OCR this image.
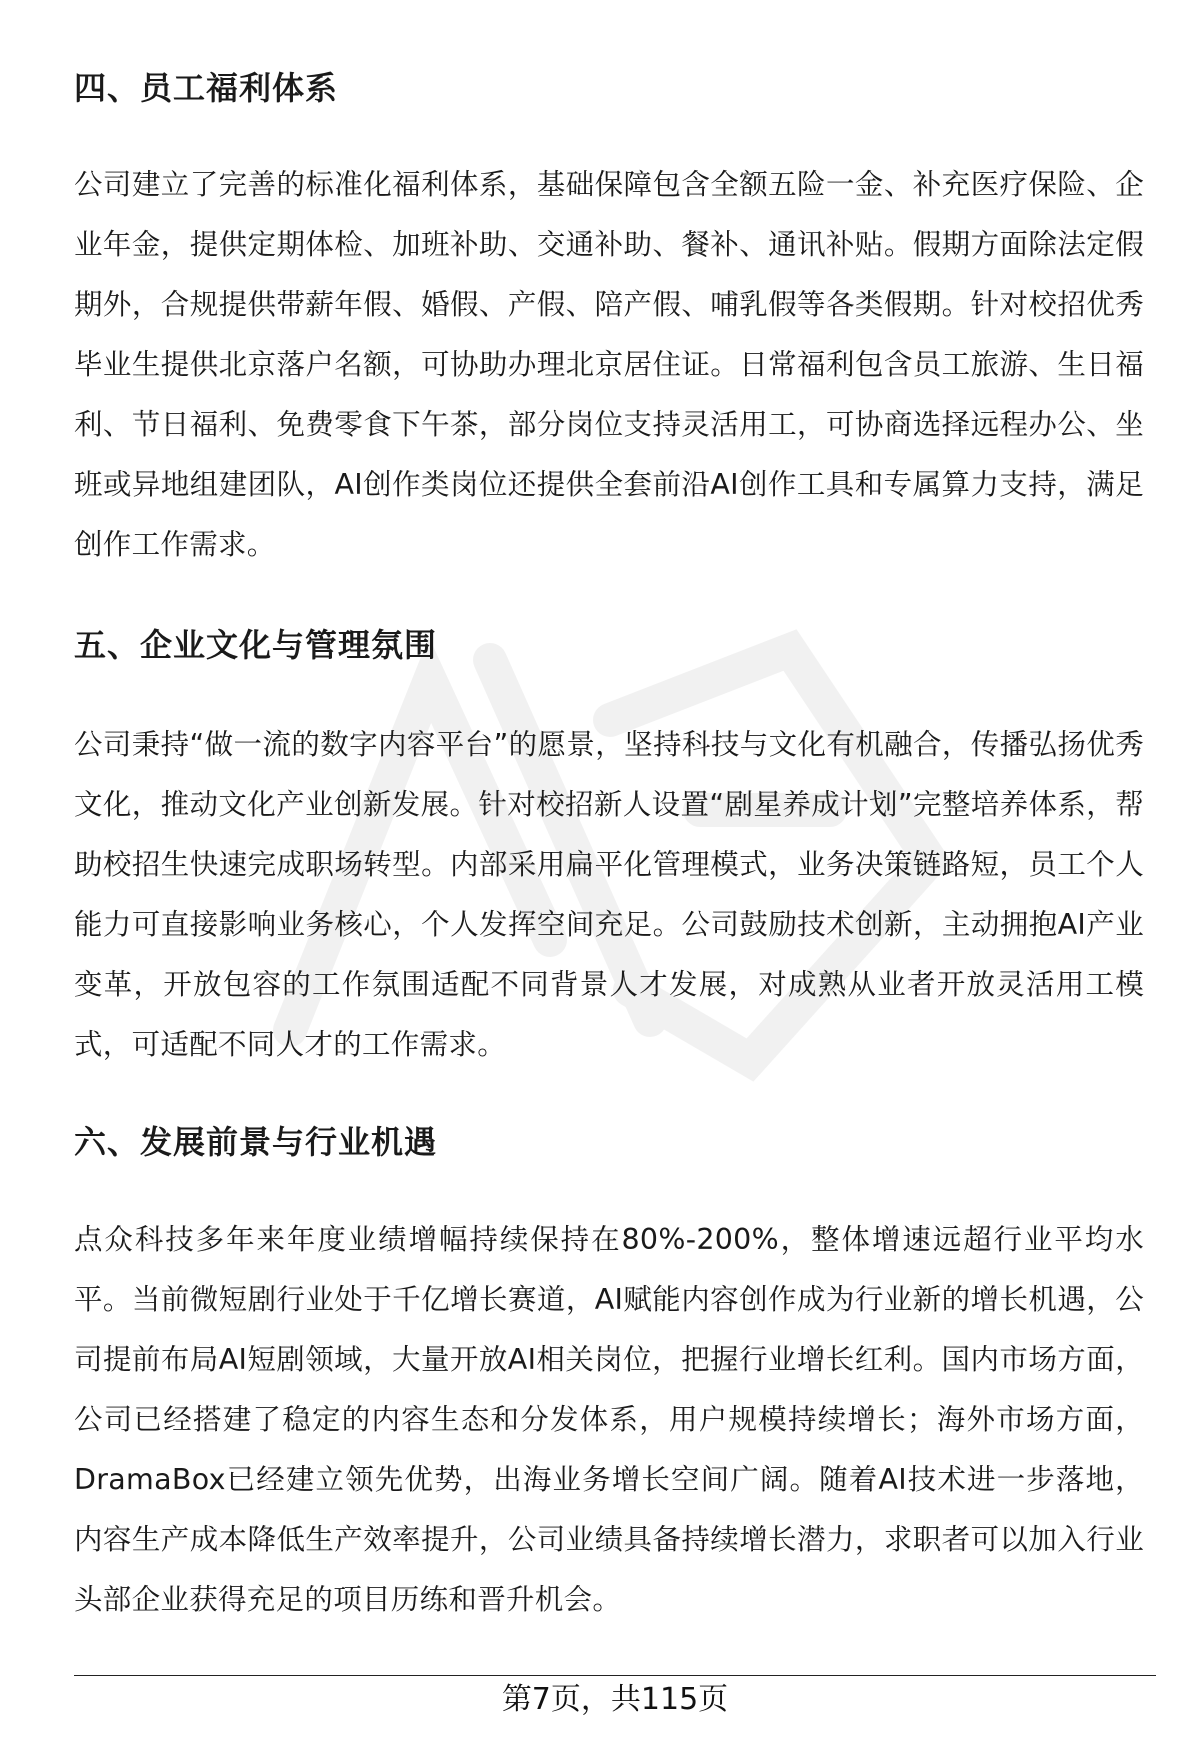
四、员工福利体系

公司建立了完善的标准化福利体系，基础保障包含全额五险一金、补充医疗保险、企业年金，提供定期体检、加班补助、交通补助、餐补、通讯补贴。假期方面除法定假期外，合规提供带薪年假、婚假、产假、陪产假、哺乳假等各类假期。针对校招优秀毕业生提供北京落户名额，可协助办理北京居住证。日常福利包含员工旅游、生日福利、节日福利、免费零食下午茶，部分岗位支持灵活用工，可协商选择远程办公、坐班或异地组建团队，AI创作类岗位还提供全套前沿AI创作工具和专属算力支持，满足创作工作需求。

五、企业文化与管理氛围

公司秉持“做一流的数字内容平台”的愿景，坚持科技与文化有机融合，传播弘扬优秀文化，推动文化产业创新发展。针对校招新人设置“剧星养成计划”完整培养体系，帮助校招生快速完成职场转型。内部采用扁平化管理模式，业务决策链路短，员工个人能力可直接影响业务核心，个人发挥空间充足。公司鼓励技术创新，主动拥抱AI产业变革，开放包容的工作氛围适配不同背景人才发展，对成熟从业者开放灵活用工模式，可适配不同人才的工作需求。

六、发展前景与行业机遇

点众科技多年来年度业绩增幅持续保持在80%-200%，整体增速远超行业平均水平。当前微短剧行业处于千亿增长赛道，AI赋能内容创作成为行业新的增长机遇，公司提前布局AI短剧领域，大量开放AI相关岗位，把握行业增长红利。国内市场方面，公司已经搭建了稳定的内容生态和分发体系，用户规模持续增长；海外市场方面，DramaBox已经建立领先优势，出海业务增长空间广阔。随着AI技术进一步落地，内容生产成本降低生产效率提升，公司业绩具备持续增长潜力，求职者可以加入行业头部企业获得充足的项目历练和晋升机会。

第7页，共115页
